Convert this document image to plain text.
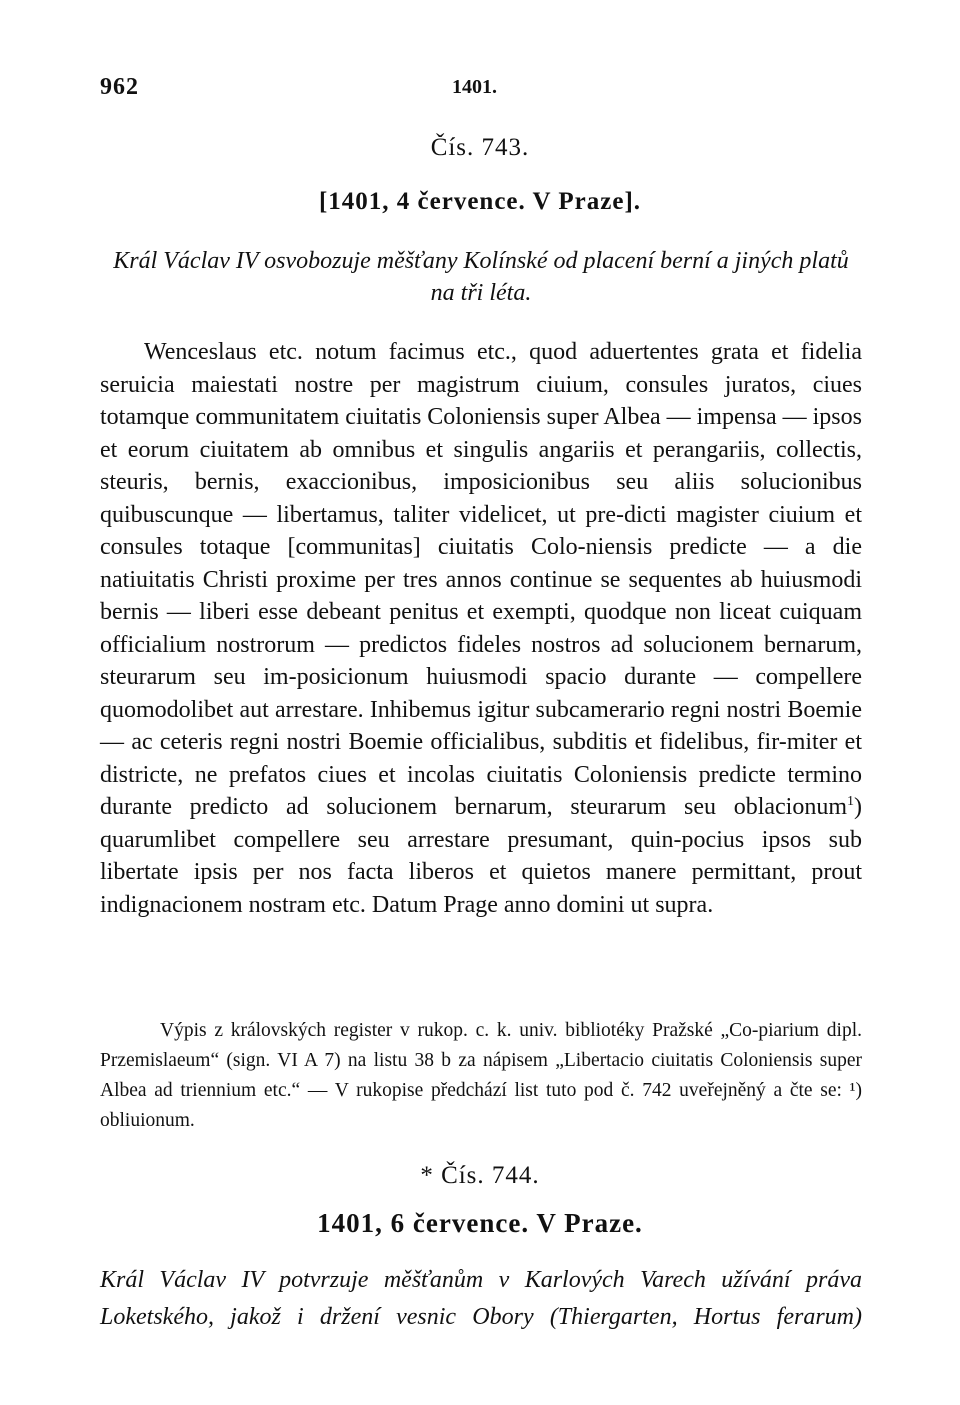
962	1401.
Čís. 743.
[1401, 4 července. V Praze].
Král Václav IV osvobozuje měšťany Kolínské od placení berní a jiných platů na tři léta.

Wenceslaus etc. notum facimus etc., quod aduertentes grata et fidelia seruicia maiestati nostre per magistrum ciuium, consules juratos, ciues totamque communitatem ciuitatis Coloniensis super Albea — impensa — ipsos et eorum ciuitatem ab omnibus et singulis angariis et perangariis, collectis, steuris, bernis, exaccionibus, imposicionibus seu aliis solucionibus quibuscunque — libertamus, taliter videlicet, ut pre-dicti magister ciuium et consules totaque [communitas] ciuitatis Colo-niensis predicte — a die natiuitatis Christi proxime per tres annos continue se sequentes ab huiusmodi bernis — liberi esse debeant penitus et exempti, quodque non liceat cuiquam officialium nostrorum — predictos fideles nostros ad solucionem bernarum, steurarum seu im-posicionum huiusmodi spacio durante — compellere quomodolibet aut arrestare. Inhibemus igitur subcamerario regni nostri Boemie — ac ceteris regni nostri Boemie officialibus, subditis et fidelibus, fir-miter et districte, ne prefatos ciues et incolas ciuitatis Coloniensis predicte termino durante predicto ad solucionem bernarum, steurarum seu oblacionum$^1$) quarumlibet compellere seu arrestare presumant, quin-pocius ipsos sub libertate ipsis per nos facta liberos et quietos manere permittant, prout indignacionem nostram etc. Datum Prage anno domini ut supra.

Výpis z královských register v rukop. c. k. univ. bibliotéky Pražské „Co-piarium dipl. Przemislaeum“ (sign. VI A 7) na listu 38 b za nápisem „Libertacio ciuitatis Coloniensis super Albea ad triennium etc.“ — V rukopise předchází list tuto pod č. 742 uveřejněný a čte se: ¹) obliuionum.

* Čís. 744.
1401, 6 července. V Praze.
Král Václav IV potvrzuje měšťanům v Karlových Varech užívání práva Loketského, jakož i držení vesnic Obory (Thiergarten, Hortus ferarum)
